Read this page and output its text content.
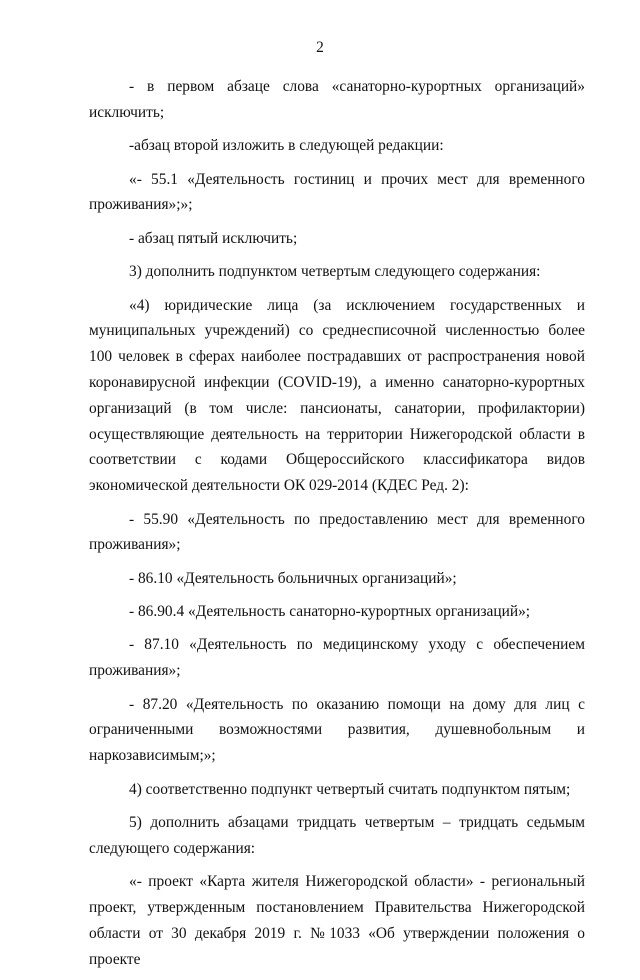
2
- в первом абзаце слова «санаторно-курортных организаций»
исключить;
-абзац второй изложить в следующей редакции:
«- 55.1 «Деятельность гостиниц и прочих мест для временного
проживания»;»;
- абзац пятый исключить;
3) дополнить подпунктом четвертым следующего содержания:
«4) юридические лица (за исключением государственных и
муниципальных учреждений) со среднесписочной численностью более
100 человек в сферах наиболее пострадавших от распространения новой
коронавирусной инфекции (COVID-19), а именно санаторно-курортных
организаций (в том числе: пансионаты, санатории, профилактории)
осуществляющие деятельность на территории Нижегородской области в
соответствии с кодами Общероссийского классификатора видов
экономической деятельности ОК 029-2014 (КДЕС Ред. 2):
- 55.90 «Деятельность по предоставлению мест для временного
проживания»;
- 86.10 «Деятельность больничных организаций»;
- 86.90.4 «Деятельность санаторно-курортных организаций»;
- 87.10 «Деятельность по медицинскому уходу с обеспечением
проживания»;
- 87.20 «Деятельность по оказанию помощи на дому для лиц с
ограниченными возможностями развития, душевнобольным и
наркозависимым;»;
4) соответственно подпункт четвертый считать подпунктом пятым;
5) дополнить абзацами тридцать четвертым – тридцать седьмым
следующего содержания:
«- проект «Карта жителя Нижегородской области» - региональный
проект, утвержденным постановлением Правительства Нижегородской
области от 30 декабря 2019 г. №1033 «Об утверждении положения о проекте
